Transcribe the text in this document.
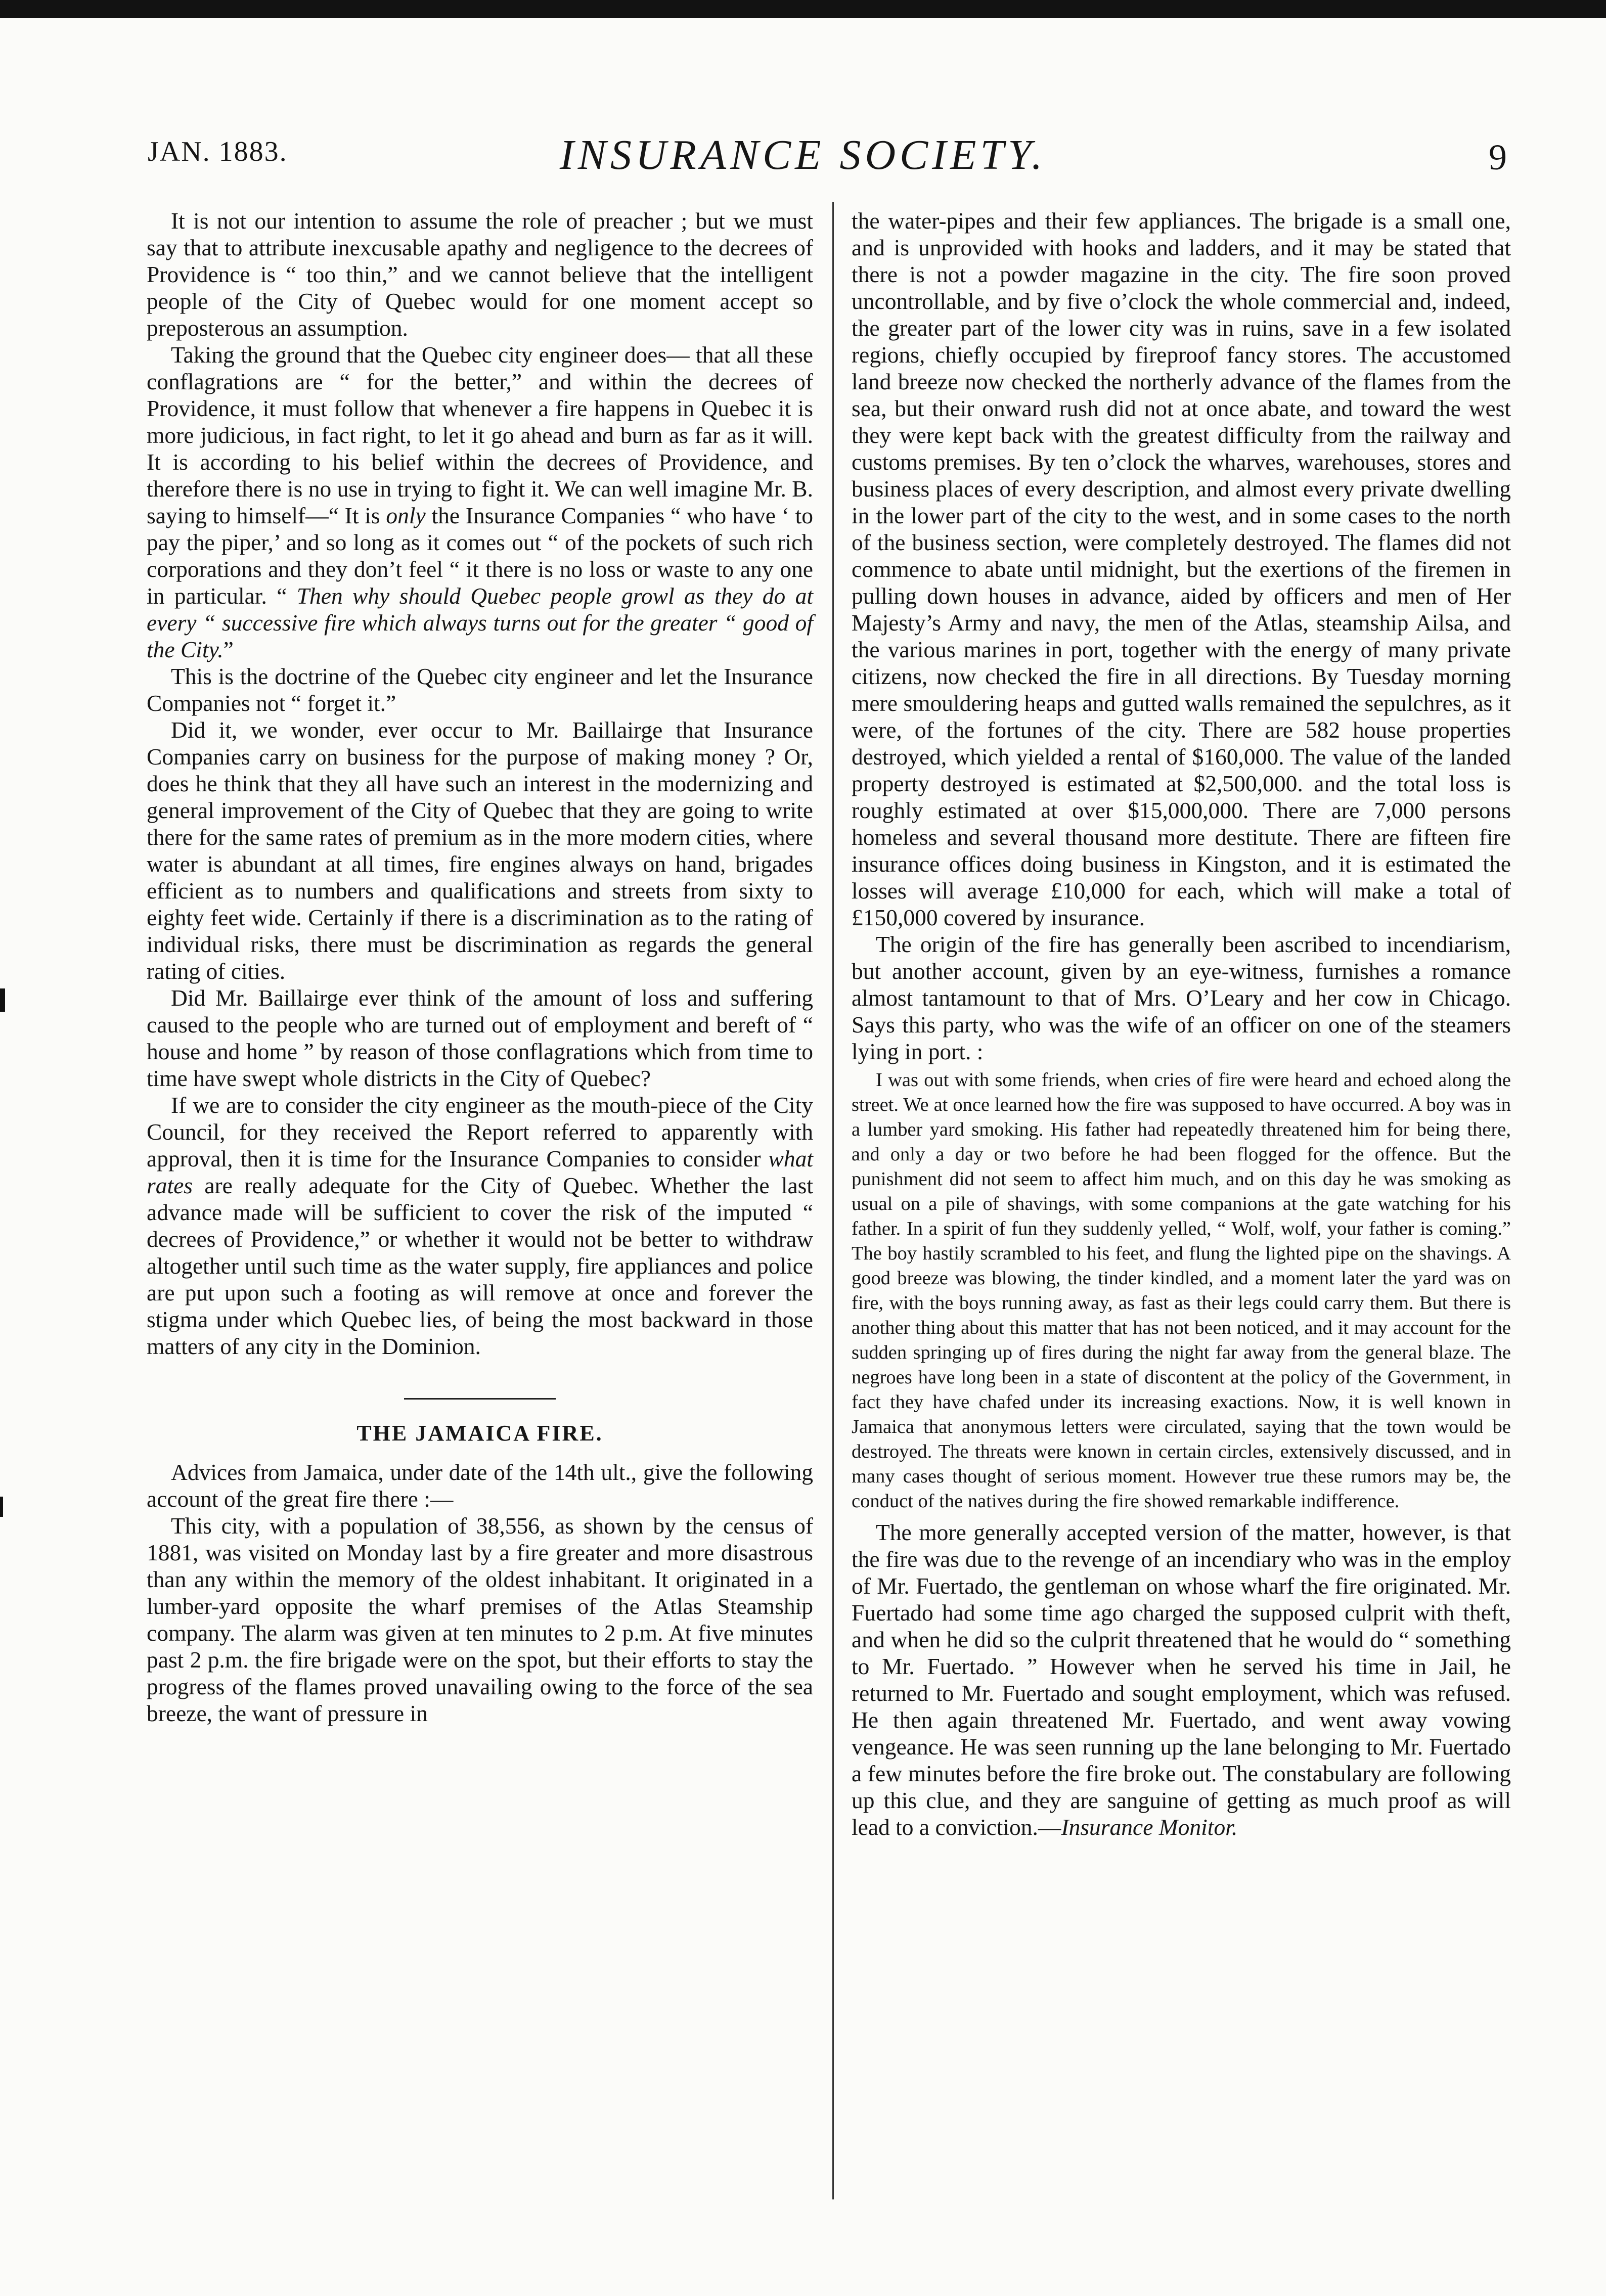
JAN. 1883.	INSURANCE SOCIETY.	9

It is not our intention to assume the role of preacher ; but we must say that to attribute inexcusable apathy and negligence to the decrees of Providence is “ too thin,” and we cannot believe that the intelligent people of the City of Quebec would for one moment accept so preposterous an assumption.

Taking the ground that the Quebec city engineer does— that all these conflagrations are “ for the better,” and within the decrees of Providence, it must follow that whenever a fire happens in Quebec it is more judicious, in fact right, to let it go ahead and burn as far as it will. It is according to his belief within the decrees of Providence, and therefore there is no use in trying to fight it. We can well imagine Mr. B. saying to himself—“ It is only the Insurance Companies “ who have ‘ to pay the piper,’ and so long as it comes out “ of the pockets of such rich corporations and they don’t feel “ it there is no loss or waste to any one in particular. “ Then why should Quebec people growl as they do at every “ successive fire which always turns out for the greater “ good of the City.”

This is the doctrine of the Quebec city engineer and let the Insurance Companies not “ forget it.”

Did it, we wonder, ever occur to Mr. Baillairge that Insurance Companies carry on business for the purpose of making money ? Or, does he think that they all have such an interest in the modernizing and general improvement of the City of Quebec that they are going to write there for the same rates of premium as in the more modern cities, where water is abundant at all times, fire engines always on hand, brigades efficient as to numbers and qualifications and streets from sixty to eighty feet wide. Certainly if there is a discrimination as to the rating of individual risks, there must be discrimination as regards the general rating of cities.

Did Mr. Baillairge ever think of the amount of loss and suffering caused to the people who are turned out of employment and bereft of “ house and home ” by reason of those conflagrations which from time to time have swept whole districts in the City of Quebec?

If we are to consider the city engineer as the mouth-piece of the City Council, for they received the Report referred to apparently with approval, then it is time for the Insurance Companies to consider what rates are really adequate for the City of Quebec. Whether the last advance made will be sufficient to cover the risk of the imputed “ decrees of Providence,” or whether it would not be better to withdraw altogether until such time as the water supply, fire appliances and police are put upon such a footing as will remove at once and forever the stigma under which Quebec lies, of being the most backward in those matters of any city in the Dominion.

THE JAMAICA FIRE.

Advices from Jamaica, under date of the 14th ult., give the following account of the great fire there :—

This city, with a population of 38,556, as shown by the census of 1881, was visited on Monday last by a fire greater and more disastrous than any within the memory of the oldest inhabitant. It originated in a lumber-yard opposite the wharf premises of the Atlas Steamship company. The alarm was given at ten minutes to 2 p.m. At five minutes past 2 p.m. the fire brigade were on the spot, but their efforts to stay the progress of the flames proved unavailing owing to the force of the sea breeze, the want of pressure in

the water-pipes and their few appliances. The brigade is a small one, and is unprovided with hooks and ladders, and it may be stated that there is not a powder magazine in the city. The fire soon proved uncontrollable, and by five o’clock the whole commercial and, indeed, the greater part of the lower city was in ruins, save in a few isolated regions, chiefly occupied by fireproof fancy stores. The accustomed land breeze now checked the northerly advance of the flames from the sea, but their onward rush did not at once abate, and toward the west they were kept back with the greatest difficulty from the railway and customs premises. By ten o’clock the wharves, warehouses, stores and business places of every description, and almost every private dwelling in the lower part of the city to the west, and in some cases to the north of the business section, were completely destroyed. The flames did not commence to abate until midnight, but the exertions of the firemen in pulling down houses in advance, aided by officers and men of Her Majesty’s Army and navy, the men of the Atlas, steamship Ailsa, and the various marines in port, together with the energy of many private citizens, now checked the fire in all directions. By Tuesday morning mere smouldering heaps and gutted walls remained the sepulchres, as it were, of the fortunes of the city. There are 582 house properties destroyed, which yielded a rental of $160,000. The value of the landed property destroyed is estimated at $2,500,000. and the total loss is roughly estimated at over $15,000,000. There are 7,000 persons homeless and several thousand more destitute. There are fifteen fire insurance offices doing business in Kingston, and it is estimated the losses will average £10,000 for each, which will make a total of £150,000 covered by insurance.

The origin of the fire has generally been ascribed to incendiarism, but another account, given by an eye-witness, furnishes a romance almost tantamount to that of Mrs. O’Leary and her cow in Chicago. Says this party, who was the wife of an officer on one of the steamers lying in port. :

I was out with some friends, when cries of fire were heard and echoed along the street. We at once learned how the fire was supposed to have occurred. A boy was in a lumber yard smoking. His father had repeatedly threatened him for being there, and only a day or two before he had been flogged for the offence. But the punishment did not seem to affect him much, and on this day he was smoking as usual on a pile of shavings, with some companions at the gate watching for his father. In a spirit of fun they suddenly yelled, “ Wolf, wolf, your father is coming.” The boy hastily scrambled to his feet, and flung the lighted pipe on the shavings. A good breeze was blowing, the tinder kindled, and a moment later the yard was on fire, with the boys running away, as fast as their legs could carry them. But there is another thing about this matter that has not been noticed, and it may account for the sudden springing up of fires during the night far away from the general blaze. The negroes have long been in a state of discontent at the policy of the Government, in fact they have chafed under its increasing exactions. Now, it is well known in Jamaica that anonymous letters were circulated, saying that the town would be destroyed. The threats were known in certain circles, extensively discussed, and in many cases thought of serious moment. However true these rumors may be, the conduct of the natives during the fire showed remarkable indifference.

The more generally accepted version of the matter, however, is that the fire was due to the revenge of an incendiary who was in the employ of Mr. Fuertado, the gentleman on whose wharf the fire originated. Mr. Fuertado had some time ago charged the supposed culprit with theft, and when he did so the culprit threatened that he would do “ something to Mr. Fuertado. ” However when he served his time in Jail, he returned to Mr. Fuertado and sought employment, which was refused. He then again threatened Mr. Fuertado, and went away vowing vengeance. He was seen running up the lane belonging to Mr. Fuertado a few minutes before the fire broke out. The constabulary are following up this clue, and they are sanguine of getting as much proof as will lead to a conviction.—Insurance Monitor.
